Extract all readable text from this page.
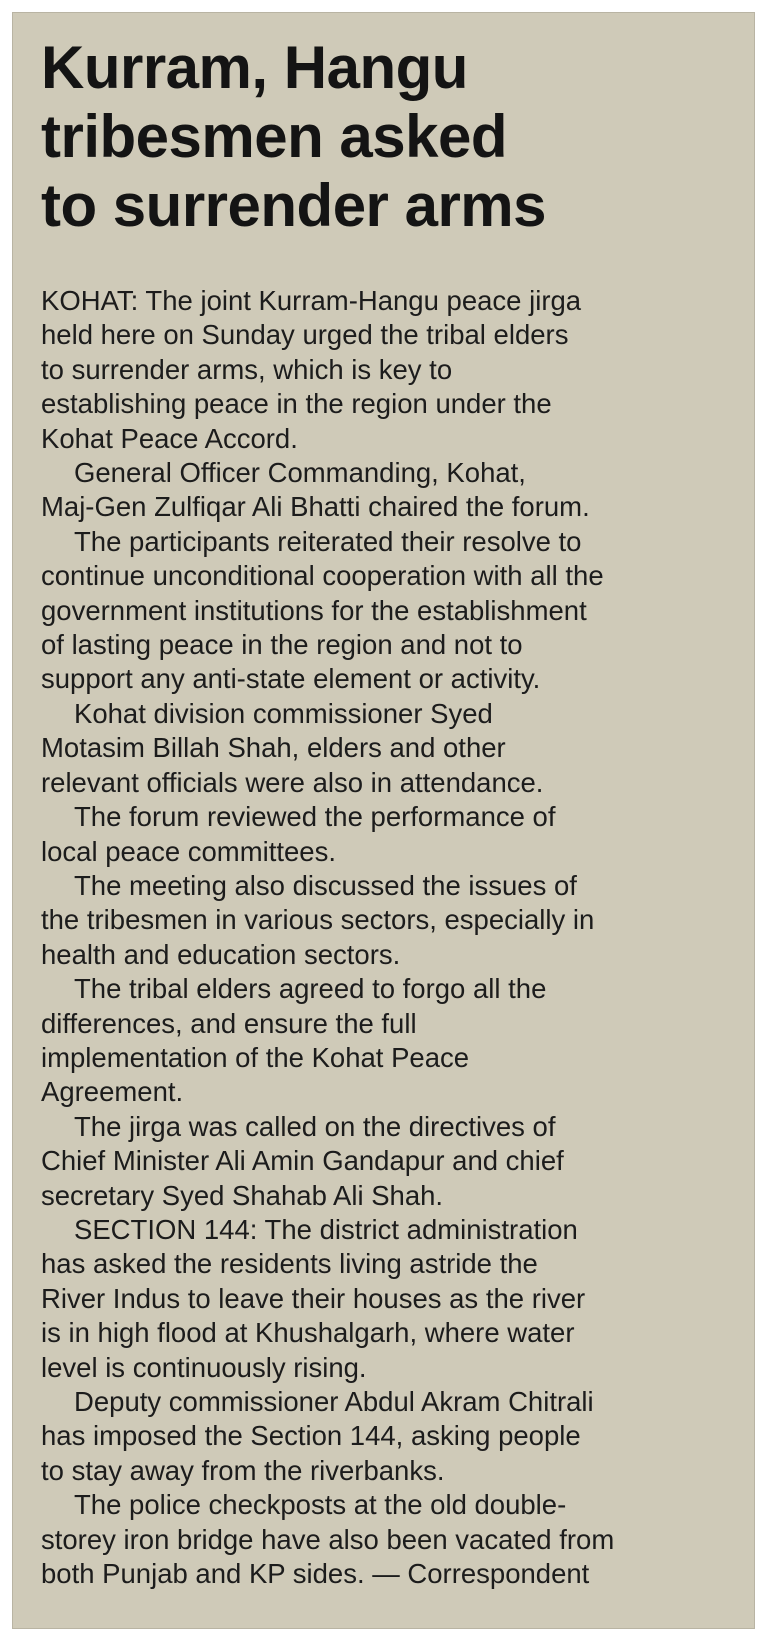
Kurram, Hangu
tribesmen asked
to surrender arms
KOHAT: The joint Kurram-Hangu peace jirga
held here on Sunday urged the tribal elders
to surrender arms, which is key to
establishing peace in the region under the
Kohat Peace Accord.
General Officer Commanding, Kohat,
Maj-Gen Zulfiqar Ali Bhatti chaired the forum.
The participants reiterated their resolve to
continue unconditional cooperation with all the
government institutions for the establishment
of lasting peace in the region and not to
support any anti-state element or activity.
Kohat division commissioner Syed
Motasim Billah Shah, elders and other
relevant officials were also in attendance.
The forum reviewed the performance of
local peace committees.
The meeting also discussed the issues of
the tribesmen in various sectors, especially in
health and education sectors.
The tribal elders agreed to forgo all the
differences, and ensure the full
implementation of the Kohat Peace
Agreement.
The jirga was called on the directives of
Chief Minister Ali Amin Gandapur and chief
secretary Syed Shahab Ali Shah.
SECTION 144: The district administration
has asked the residents living astride the
River Indus to leave their houses as the river
is in high flood at Khushalgarh, where water
level is continuously rising.
Deputy commissioner Abdul Akram Chitrali
has imposed the Section 144, asking people
to stay away from the riverbanks.
The police checkposts at the old double-
storey iron bridge have also been vacated from
both Punjab and KP sides. — Correspondent
